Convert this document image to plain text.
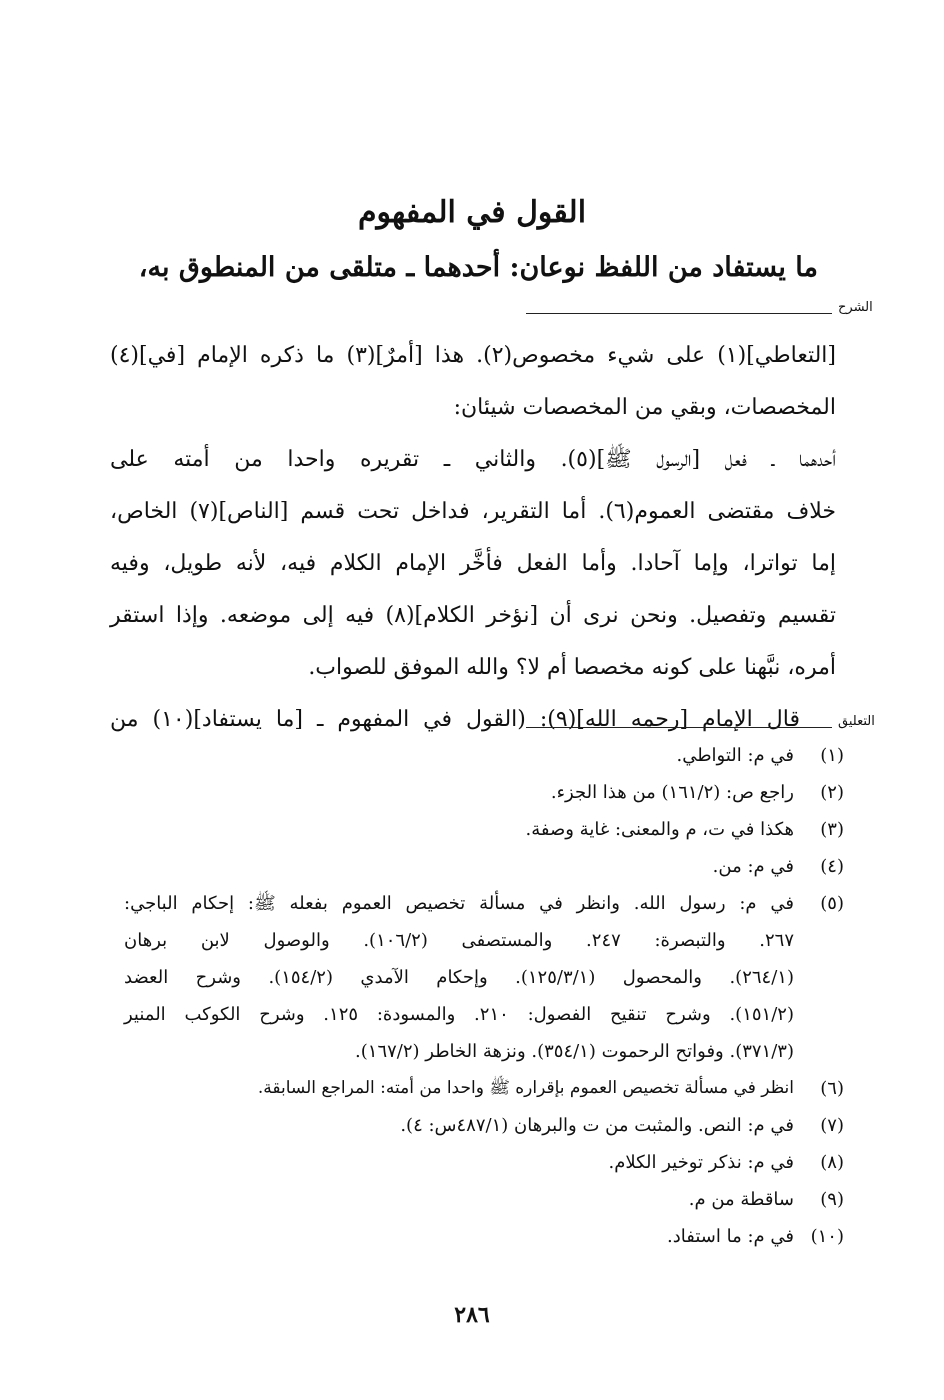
القول في المفهوم
ما يستفاد من اللفظ نوعان: أحدهما ـ متلقى من المنطوق به،
الشرح
[التعاطي](١) على شيء مخصوص(٢). هذا [أمرٌ](٣) ما ذكره الإمام [في](٤)
المخصصات، وبقي من المخصصات شيئان:
أحدهما ـ فعل [الرسول ﷺ](٥). والثاني ـ تقريره واحدا من أمته على
خلاف مقتضى العموم(٦). أما التقرير، فداخل تحت قسم [الناص](٧) الخاص،
إما تواترا، وإما آحادا. وأما الفعل فأخَّر الإمام الكلام فيه، لأنه طويل، وفيه
تقسيم وتفصيل. ونحن نرى أن [نؤخر الكلام](٨) فيه إلى موضعه. وإذا استقر
أمره، نبَّهنا على كونه مخصصا أم لا؟ والله الموفق للصواب.
قال الإمام [رحمه الله](٩): (القول في المفهوم ـ [ما يستفاد](١٠) من	التعليق
(١)
في م: التواطي.
(٢)
راجع ص: (١٦١/٢) من هذا الجزء.
(٣)
هكذا في ت، م والمعنى: غاية وصفة.
(٤)
في م: من.
(٥)
في م: رسول الله. وانظر في مسألة تخصيص العموم بفعله ﷺ: إحكام الباجي:
٢٦٧. والتبصرة: ٢٤٧. والمستصفى (١٠٦/٢). والوصول لابن برهان
(٢٦٤/١). والمحصول (١٢٥/٣/١). وإحكام الآمدي (١٥٤/٢). وشرح العضد
(١٥١/٢). وشرح تنقيح الفصول: ٢١٠. والمسودة: ١٢٥. وشرح الكوكب المنير
(٣٧١/٣). وفواتح الرحموت (٣٥٤/١). ونزهة الخاطر (١٦٧/٢).
(٦)
انظر في مسألة تخصيص العموم بإقراره ﷺ واحدا من أمته: المراجع السابقة.
(٧)
في م: النص. والمثبت من ت والبرهان (٤٨٧/١س: ٤).
(٨)
في م: نذكر توخير الكلام.
(٩)
ساقطة من م.
(١٠)
في م: ما استفاد.
٢٨٦
